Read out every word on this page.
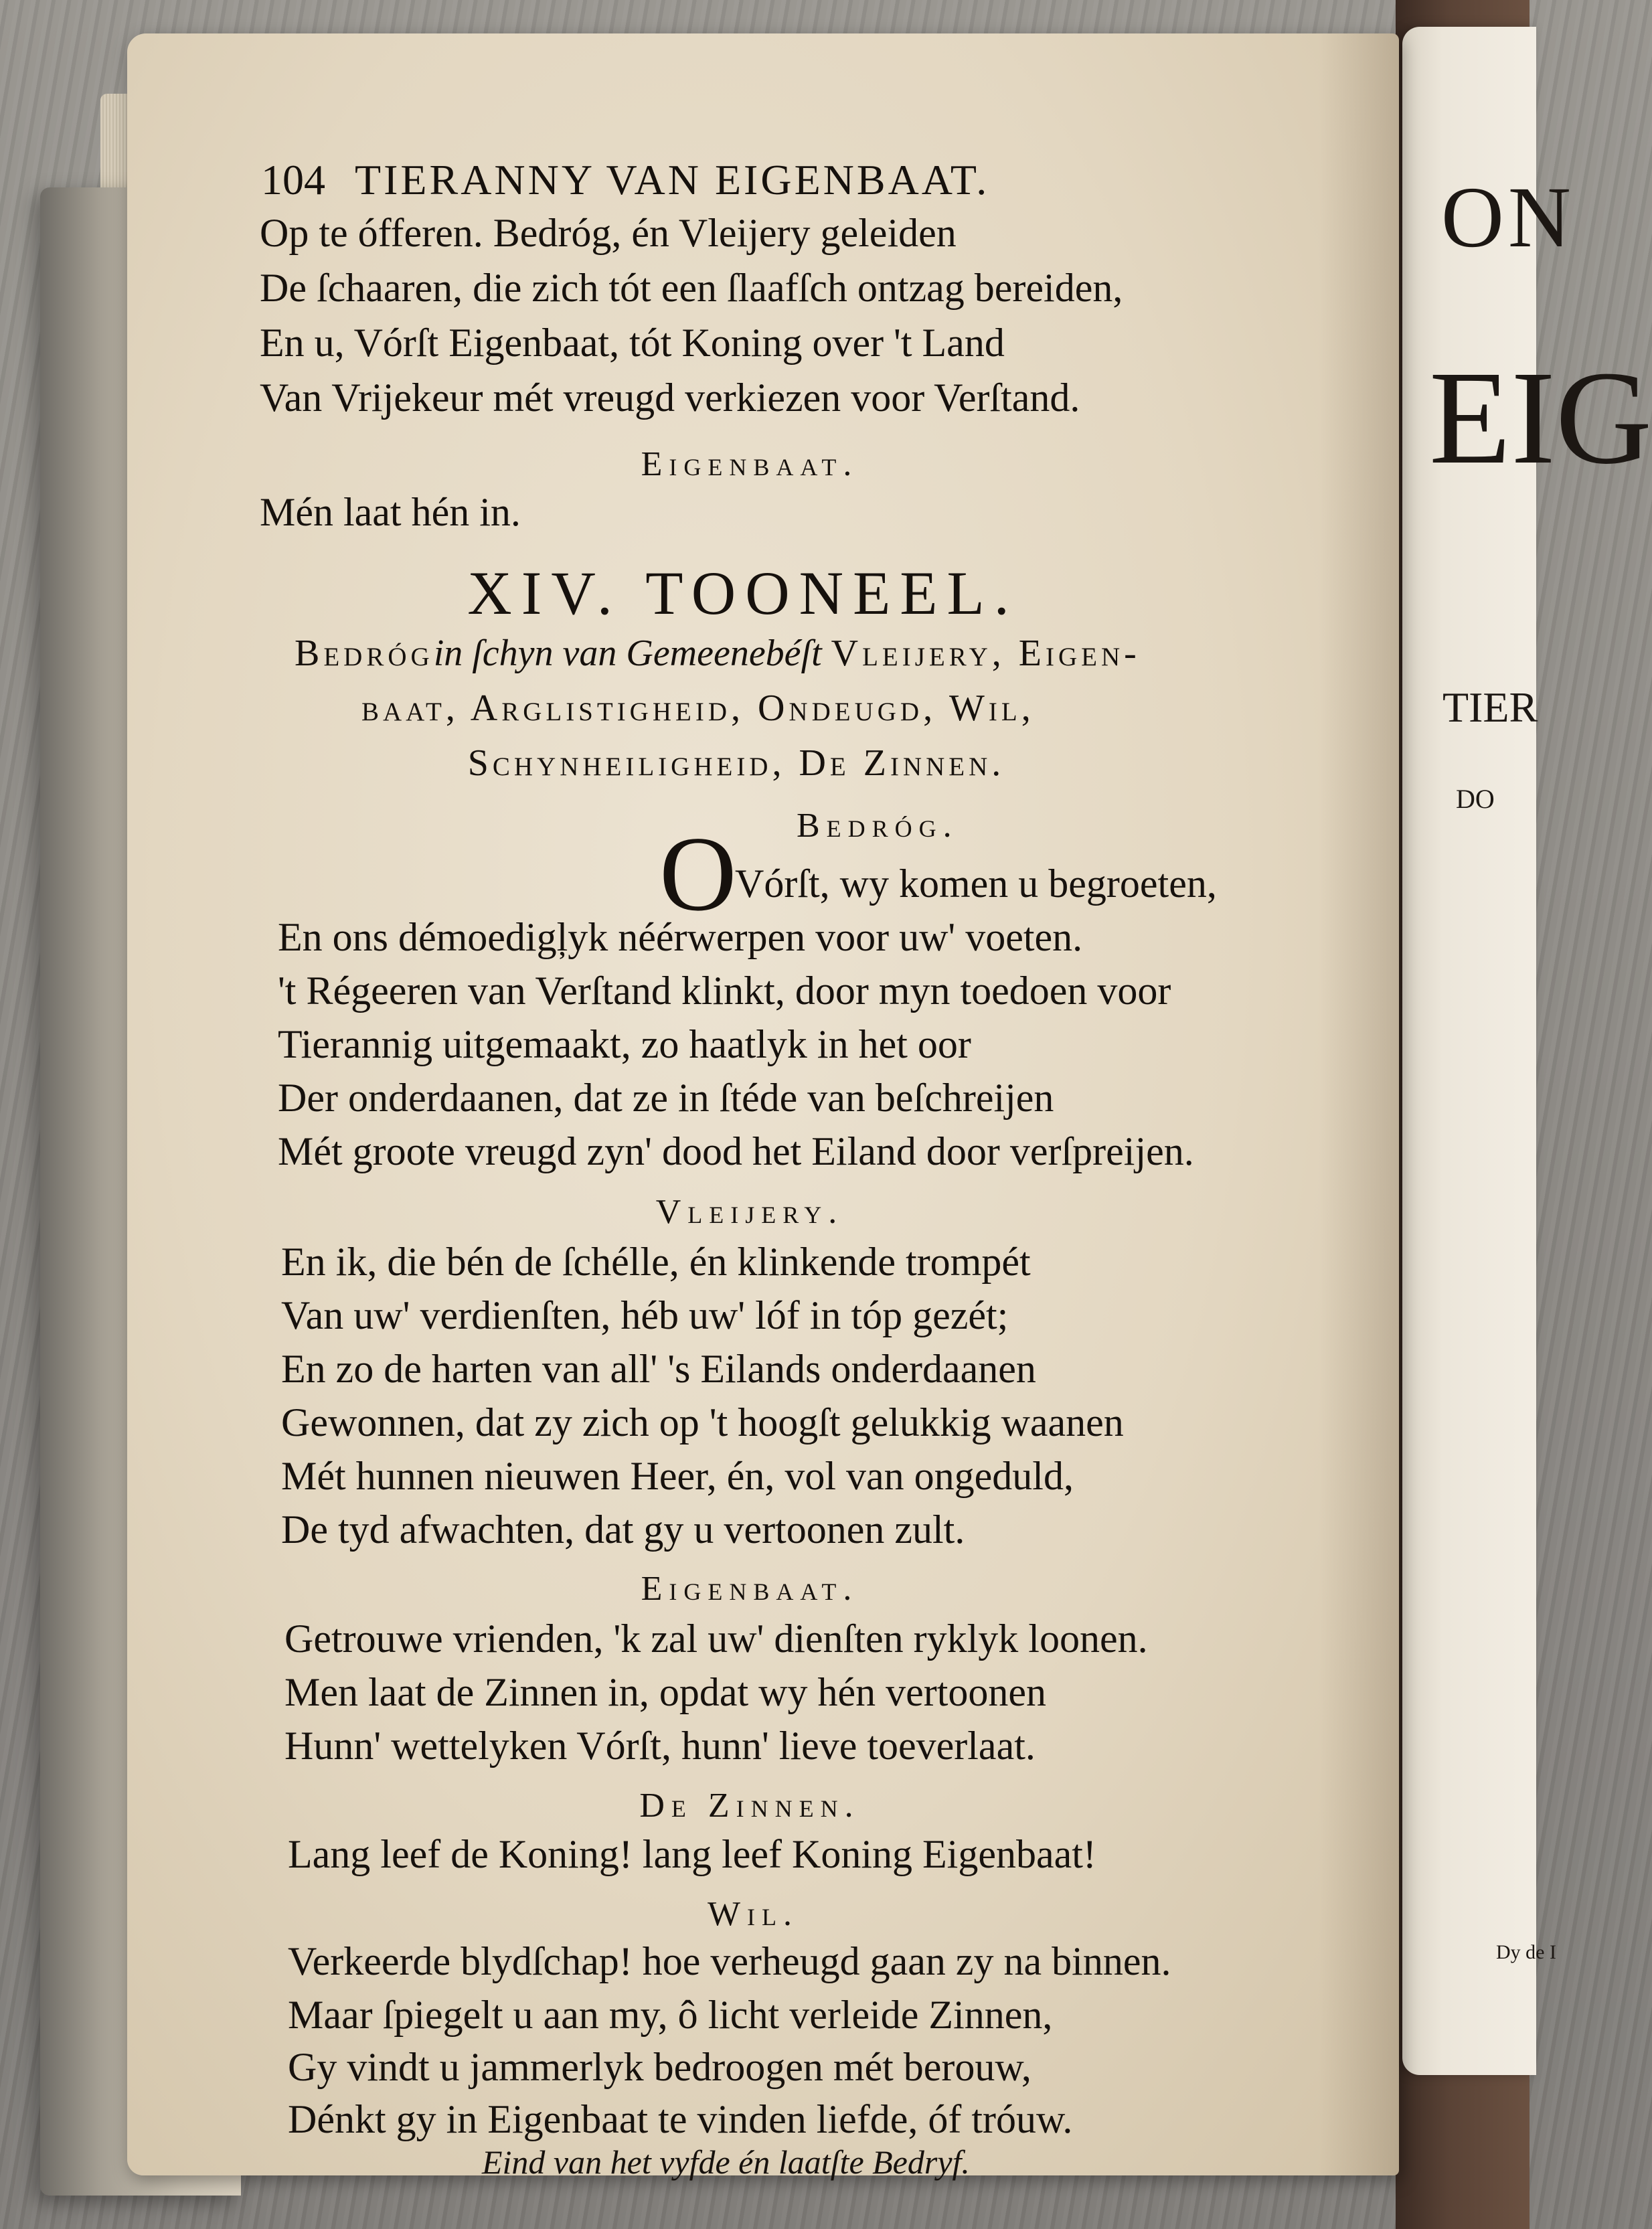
ON
EIG
TIER
DO
Dy de I
104 TIERANNY VAN EIGENBAAT.

Op te ófferen. Bedróg, én Vleijery geleiden

De ſchaaren, die zich tót een ſlaafſch ontzag bereiden,

En u, Vórſt Eigenbaat, tót Koning over 't Land

Van Vrijekeur mét vreugd verkiezen voor Verſtand.

Eigenbaat.

Mén laat hén in.

XIV. TOONEEL.

Bedrógin ſchyn van Gemeenebéſt Vleijery, Eigen-

baat, Arglistigheid, Ondeugd, Wil,

Schynheiligheid, De Zinnen.

Bedróg.

O

Vórſt, wy komen u begroeten,

En ons démoedigļyk néérwerpen voor uw' voeten.

't Régeeren van Verſtand klinkt, door myn toedoen voor

Tierannig uitgemaakt, zo haatlyk in het oor

Der onderdaanen, dat ze in ſtéde van beſchreijen

Mét groote vreugd zyn' dood het Eiland door verſpreijen.

Vleijery.

En ik, die bén de ſchélle, én klinkende trompét

Van uw' verdienſten, héb uw' lóf in tóp gezét;

En zo de harten van all' 's Eilands onderdaanen

Gewonnen, dat zy zich op 't hoogſt gelukkig waanen

Mét hunnen nieuwen Heer, én, vol van ongeduld,

De tyd afwachten, dat gy u vertoonen zult.

Eigenbaat.

Getrouwe vrienden, 'k zal uw' dienſten ryklyk loonen.

Men laat de Zinnen in, opdat wy hén vertoonen

Hunn' wettelyken Vórſt, hunn' lieve toeverlaat.

De Zinnen.

Lang leef de Koning! lang leef Koning Eigenbaat!

Wil.

Verkeerde blydſchap! hoe verheugd gaan zy na binnen.

Maar ſpiegelt u aan my, ô licht verleide Zinnen,

Gy vindt u jammerlyk bedroogen mét berouw,

Dénkt gy in Eigenbaat te vinden liefde, óf tróuw.

Eind van het vyfde én laatſte Bedryf.
